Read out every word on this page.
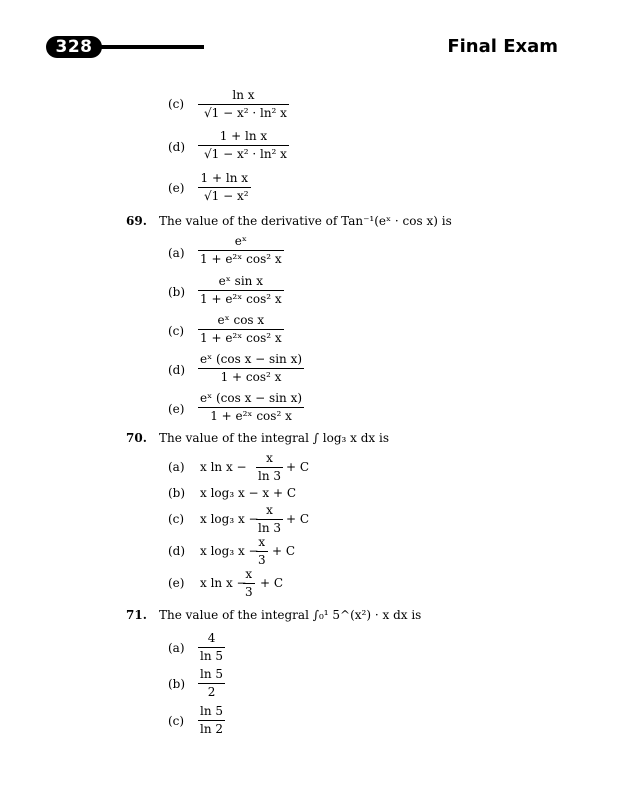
328	Final Exam
(c)
ln x
√1 − x² · ln² x
(d)
1 + ln x
√1 − x² · ln² x
(e)
1 + ln x
√1 − x²
69. The value of the derivative of Tan⁻¹(eˣ · cos x) is
(a)
eˣ
1 + e²ˣ cos² x
(b)
eˣ sin x
1 + e²ˣ cos² x
(c)
eˣ cos x
1 + e²ˣ cos² x
(d)
eˣ (cos x − sin x)
1 + cos² x
(e)
eˣ (cos x − sin x)
1 + e²ˣ cos² x
70. The value of the integral ∫ log₃ x dx is
(a) x ln x −
x
ln 3
+ C
(b) x log₃ x − x + C
(c) x log₃ x −
x
ln 3
+ C
(d) x log₃ x −
x
3
+ C
(e) x ln x −
x
3
+ C
71. The value of the integral ∫₀¹ 5^(x²) · x dx is
(a)
4
ln 5
(b)
ln 5
2
(c)
ln 5
ln 2
